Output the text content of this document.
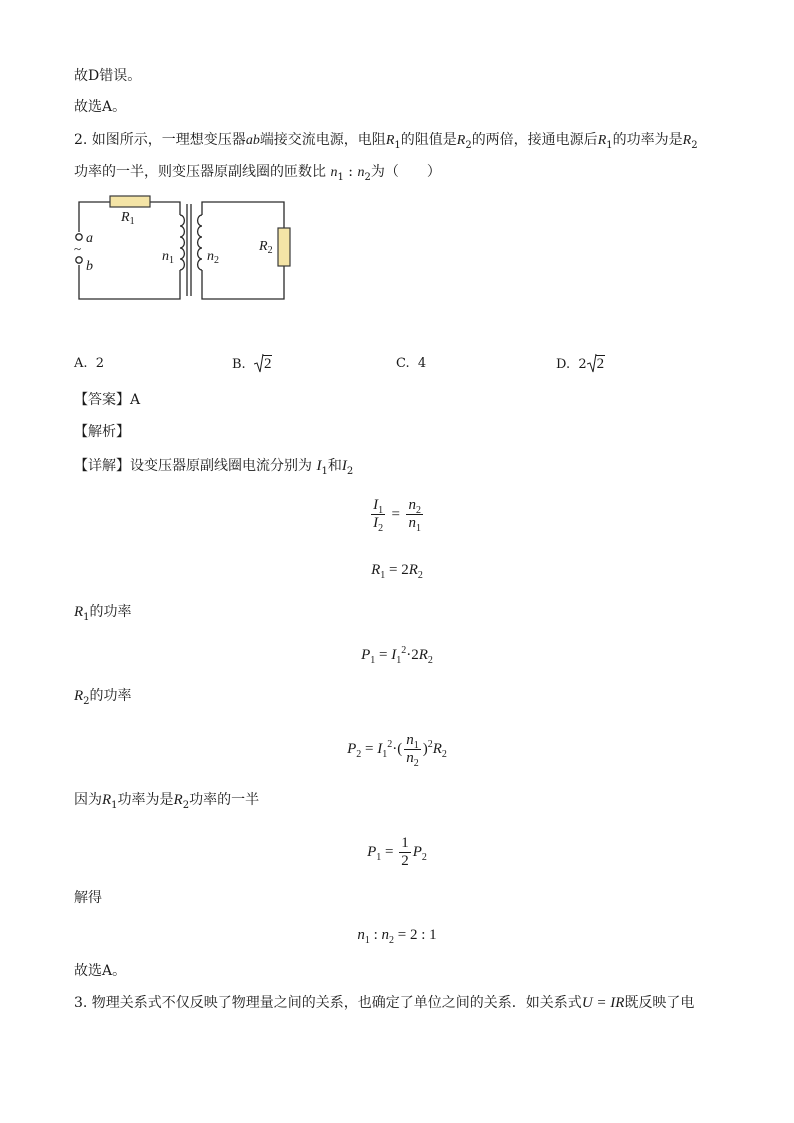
故D错误。
故选A。
2. 如图所示，一理想变压器ab端接交流电源，电阻$R_1$的阻值是$R_2$的两倍，接通电源后$R_1$的功率为是$R_2$
功率的一半，则变压器原副线圈的匝数比 $n_1$ : $n_2$为（　　）
$R_1$
$R_2$
$n_1$ $n_2$
a
b
~
A. 2	B. 2	C. 4	D. 2 2
【答案】A
【解析】
【详解】设变压器原副线圈电流分别为 $I_1$和$I_2$
$\frac{I_1}{I_2} = \frac{n_2}{n_1}$
$R_1 = 2R_2$
$R_1$的功率
$P_1 = I_1^2\cdot 2R_2$
$R_2$的功率
$P_2 = I_1^2\cdot( \frac{n_1}{n_2} )^2R_2$
因为$R_1$功率为是$R_2$功率的一半
$P_1 = \frac{1}{2} P_2$
解得
$n_1$ : $n_2 = 2$ : 1
故选A。
3. 物理关系式不仅反映了物理量之间的关系，也确定了单位之间的关系．如关系式U = IR既反映了电
